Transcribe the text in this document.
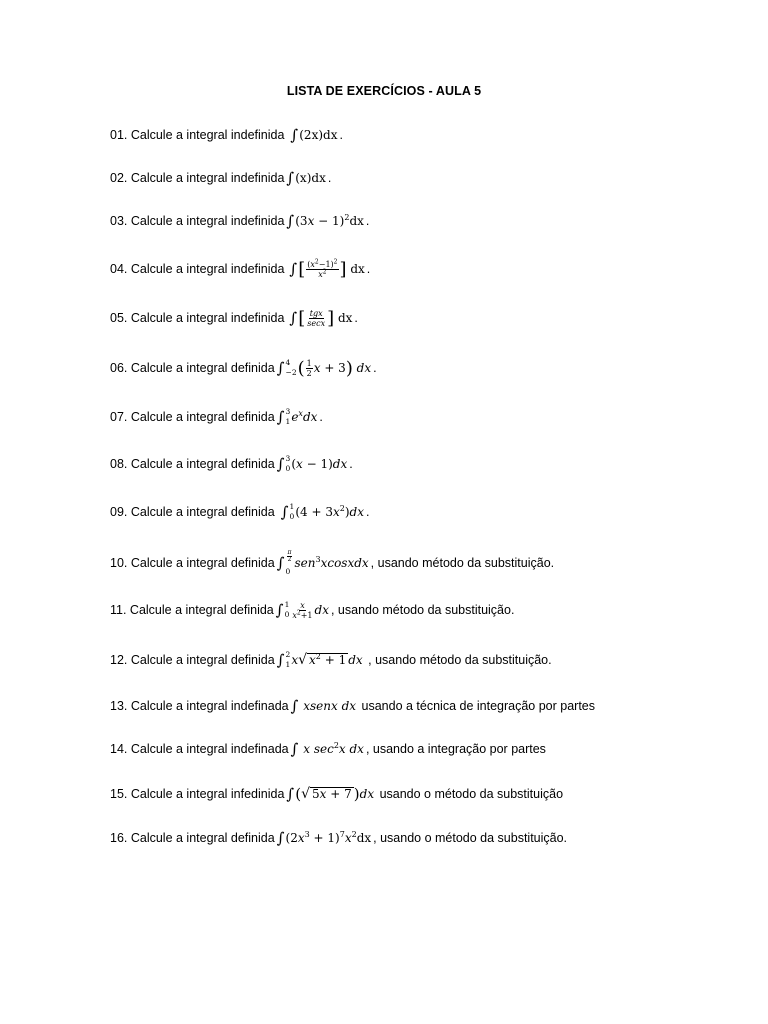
LISTA DE EXERCÍCIOS - AULA 5
01. Calcule a integral indefinida ∫ (2x)dx .
02. Calcule a integral indefinida ∫ (x)dx .
03. Calcule a integral indefinida ∫ $(3x - 1)^2dx$ .
04. Calcule a integral indefinida ∫ [ $\frac{(x^2-1)^2}{x^2}$ ] dx .
05. Calcule a integral indefinida ∫ [ $\frac{\text{tgx}}{\sec x}$ ] dx .
06. Calcule a integral definida ∫ 4
−2 ( $\frac{1}{2}$ x + 3 ) dx .
07. Calcule a integral definida ∫ 3
1 $e^xdx$ .
08. Calcule a integral definida ∫ 3
0 (x − 1)dx .
09. Calcule a integral definida ∫ 1
0 $(4 + 3x^2)dx$ .
10. Calcule a integral definida ∫ $\frac{\pi}{2}$
0
sen$^3$xcosxdx , usando método da substituição.
11. Calcule a integral definida ∫ 1
$0 \frac{x}{x^2+1}$ dx , usando método da substituição.
12. Calcule a integral definida ∫ 2
1 x √ $x^2 + 1$ dx , usando método da substituição.
13. Calcule a integral indefinada ∫ xsenx dx usando a técnica de integração por partes
14. Calcule a integral indefinada ∫ x $\sec^2x$ dx , usando a integração por partes
15. Calcule a integral infedinida ∫ ( √ 5x + 7 ) dx usando o método da substituição
16. Calcule a integral definida ∫ $(2x^3 + 1)^7x^2dx$ , usando o método da substituição.
